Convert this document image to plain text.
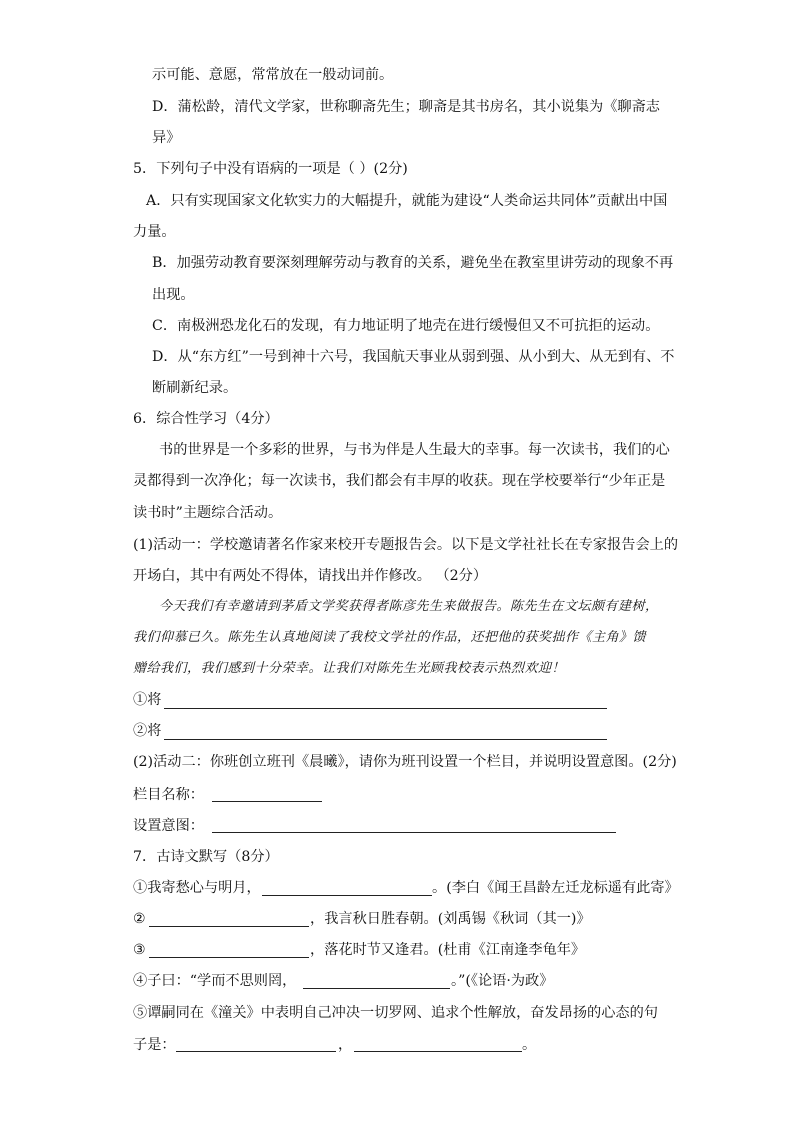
示可能、意愿，常常放在一般动词前。
D．蒲松龄，清代文学家，世称聊斋先生；聊斋是其书房名，其小说集为《聊斋志
异》
5．下列句子中没有语病的一项是（ ）(2分)
A．只有实现国家文化软实力的大幅提升，就能为建设“人类命运共同体”贡献出中国
力量。
B．加强劳动教育要深刻理解劳动与教育的关系，避免坐在教室里讲劳动的现象不再
出现。
C．南极洲恐龙化石的发现，有力地证明了地壳在进行缓慢但又不可抗拒的运动。
D．从“东方红”一号到神十六号，我国航天事业从弱到强、从小到大、从无到有、不
断刷新纪录。
6．综合性学习（4分）
书的世界是一个多彩的世界，与书为伴是人生最大的幸事。每一次读书，我们的心
灵都得到一次净化；每一次读书，我们都会有丰厚的收获。现在学校要举行“少年正是
读书时”主题综合活动。
(1)活动一：学校邀请著名作家来校开专题报告会。以下是文学社社长在专家报告会上的
开场白，其中有两处不得体，请找出并作修改。 （2分）
今天我们有幸邀请到茅盾文学奖获得者陈彦先生来做报告。陈先生在文坛颇有建树，
我们仰慕已久。陈先生认真地阅读了我校文学社的作品，还把他的获奖拙作《主角》馈
赠给我们，我们感到十分荣幸。让我们对陈先生光顾我校表示热烈欢迎！
①将
②将
(2)活动二：你班创立班刊《晨曦》，请你为班刊设置一个栏目，并说明设置意图。(2分)
栏目名称：
设置意图：
7．古诗文默写（8分）
①我寄愁心与明月，	。(李白《闻王昌龄左迁龙标遥有此寄》
②	，我言秋日胜春朝。(刘禹锡《秋词（其一)》
③	，落花时节又逢君。(杜甫《江南逢李龟年》
④子曰：“学而不思则罔，	。”(《论语·为政》
⑤谭嗣同在《潼关》中表明自己冲决一切罗网、追求个性解放，奋发昂扬的心态的句
子是：	，	。
